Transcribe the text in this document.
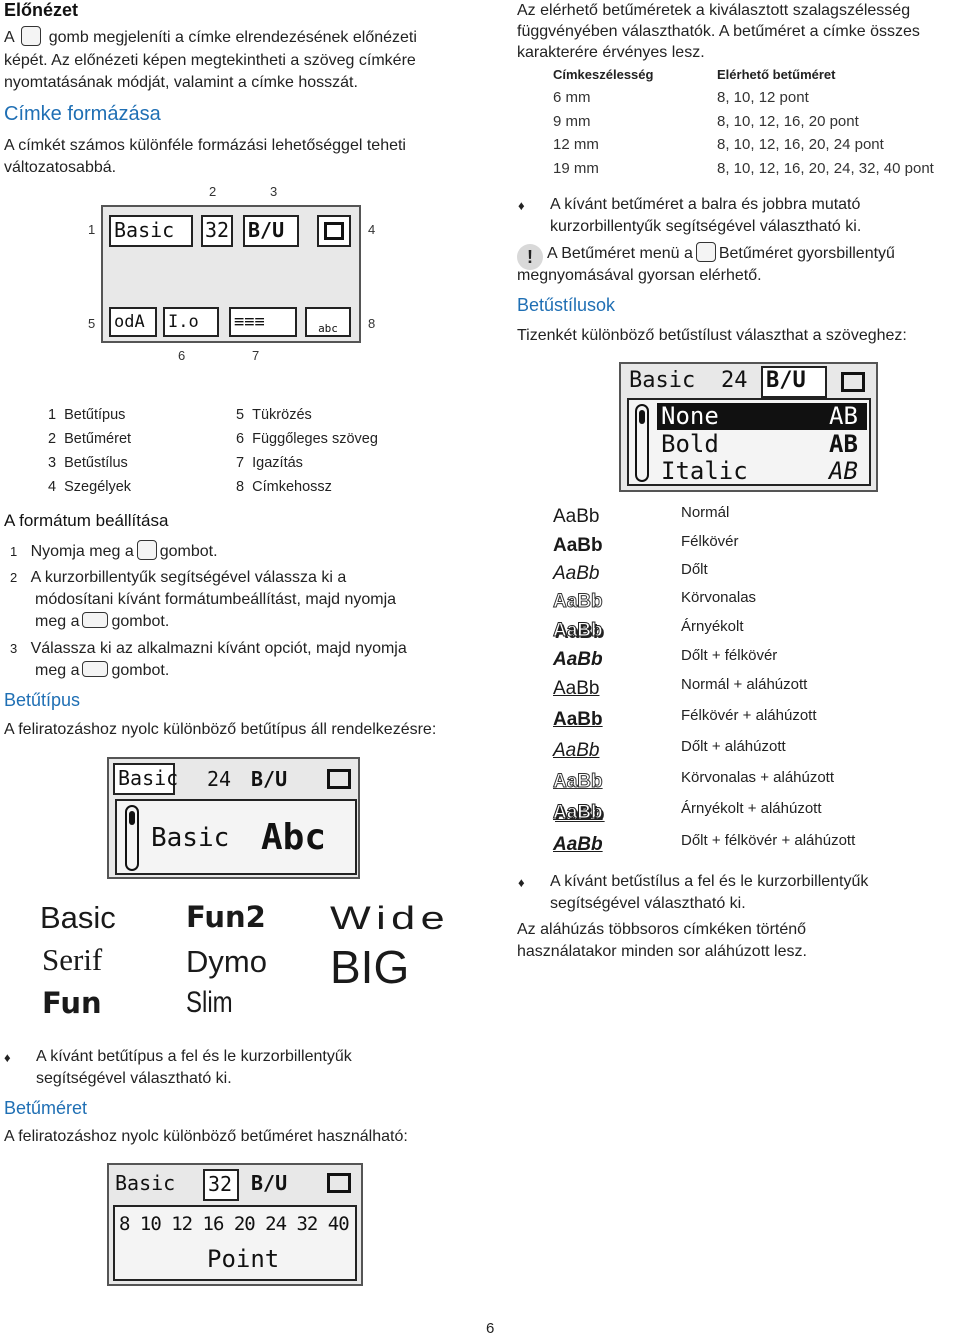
Előnézet
A gomb megjeleníti a címke elrendezésének előnézeti
képét. Az előnézeti képen megtekintheti a szöveg címkére
nyomtatásának módját, valamint a címke hosszát.
Címke formázása
A címkét számos különféle formázási lehetőséggel teheti
változatosabbá.
2	3
1	4
5	8
6	7
Basic	32 B/U
odA	I.o	≡≡≡	abc
1 Betűtípus
2 Betűméret
3 Betűstílus
4 Szegélyek
5 Tükrözés
6 Függőleges szöveg
7 Igazítás
8 Címkehossz
A formátum beállítása
1 Nyomja meg a gombot.
2 A kurzorbillentyűk segítségével válassza ki a
módosítani kívánt formátumbeállítást, majd nyomja
meg a gombot.
3 Válassza ki az alkalmazni kívánt opciót, majd nyomja
meg a gombot.
Betűtípus
A feliratozáshoz nyolc különböző betűtípus áll rendelkezésre:
Basic 24 B/U
Basic Abc
Basic
Serif
Fun
Fun2
Dymo
Slim
Wide
BIG
♦ A kívánt betűtípus a fel és le kurzorbillentyűk
segítségével választható ki.
Betűméret
A feliratozáshoz nyolc különböző betűméret használható:
Basic 32 B/U
8 10 12 16 20 24 32 40
Point
Az elérhető betűméretek a kiválasztott szalagszélesség
függvényében választhatók. A betűméret a címke összes
karakterére érvényes lesz.
Címkeszélesség	Elérhető betűméret
6 mm	8, 10, 12 pont
9 mm	8, 10, 12, 16, 20 pont
12 mm	8, 10, 12, 16, 20, 24 pont
19 mm	8, 10, 12, 16, 20, 24, 32, 40 pont
♦ A kívánt betűméret a balra és jobbra mutató
kurzorbillentyűk segítségével választható ki.
! A Betűméret menü a Betűméret gyorsbillentyű
megnyomásával gyorsan elérhető.
Betűstílusok
Tizenkét különböző betűstílust választhat a szöveghez:
Basic 24 B/U
None	AB
Bold	AB
Italic	AB
AaBb	Normál
AaBb	Félkövér
AaBb	Dőlt
AaBb	Körvonalas
AaBb	Árnyékolt
AaBb	Dőlt + félkövér
AaBb	Normál + aláhúzott
AaBb	Félkövér + aláhúzott
AaBb	Dőlt + aláhúzott
AaBb	Körvonalas + aláhúzott
AaBb	Árnyékolt + aláhúzott
AaBb	Dőlt + félkövér + aláhúzott
♦ A kívánt betűstílus a fel és le kurzorbillentyűk
segítségével választható ki.
Az aláhúzás többsoros címkéken történő
használatakor minden sor aláhúzott lesz.
6
